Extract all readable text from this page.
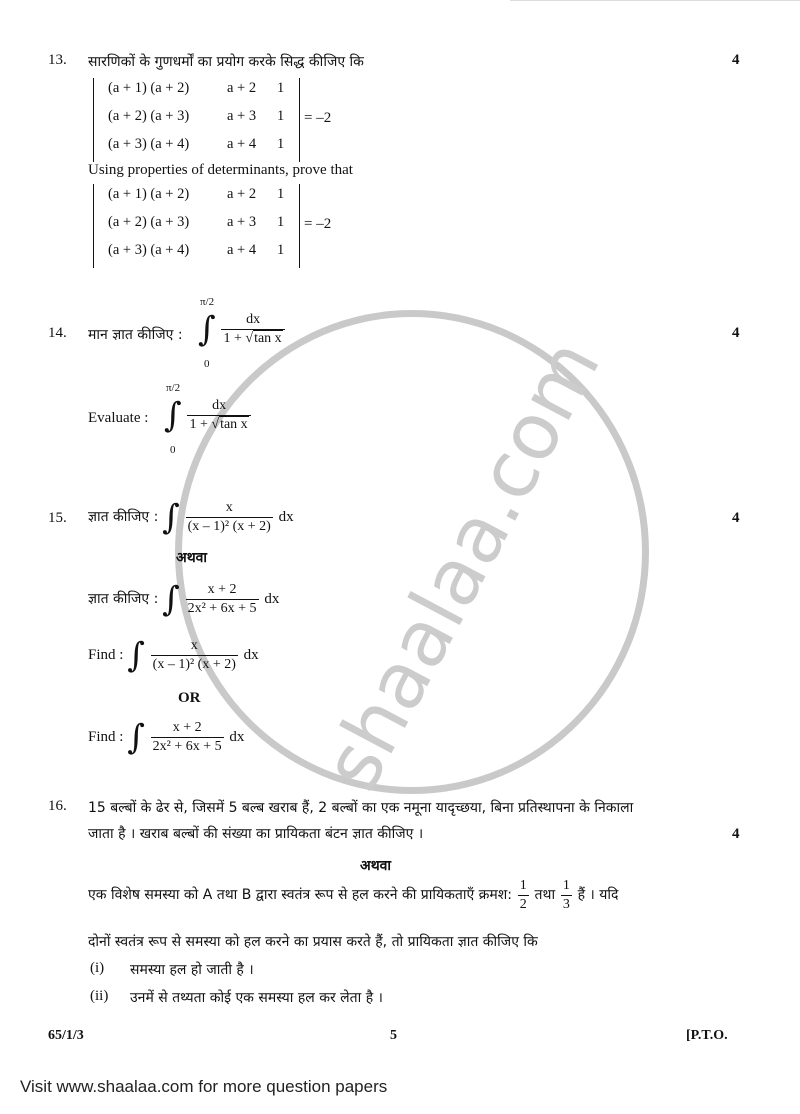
shaalaa.com
13. सारणिकों के गुणधर्मों का प्रयोग करके सिद्ध कीजिए कि	4
(a + 1) (a + 2)	a + 2 1
(a + 2) (a + 3)	a + 3 1
(a + 3) (a + 4)	a + 4 1
= –2
Using properties of determinants, prove that
(a + 1) (a + 2)	a + 2 1
(a + 2) (a + 3)	a + 3 1
(a + 3) (a + 4)	a + 4 1
= –2
14. मान ज्ञात कीजिए :	4
π/2
0
∫ $\frac{dx}{\text{1 + √tan x}}$
Evaluate :
π/2
0
∫ $\frac{dx}{\text{1 + √tan x}}$
15. ज्ञात कीजिए : ∫ $\frac{x}{\text{(x – 1)² (x + 2)}}$ dx	4
अथवा
ज्ञात कीजिए : ∫ $\frac{x + 2}{\text{2x² + 6x + 5}}$ dx
Find : ∫ $\frac{x}{\text{(x – 1)² (x + 2)}}$ dx
OR
Find : ∫ $\frac{x + 2}{\text{2x² + 6x + 5}}$ dx
16. 15 बल्बों के ढेर से, जिसमें 5 बल्ब खराब हैं, 2 बल्बों का एक नमूना यादृच्छया, बिना प्रतिस्थापना के निकाला
जाता है । खराब बल्बों की संख्या का प्रायिकता बंटन ज्ञात कीजिए ।	4
अथवा
एक विशेष समस्या को A तथा B द्वारा स्वतंत्र रूप से हल करने की प्रायिकताएँ क्रमश: $\frac{1}{2}$ तथा $\frac{1}{3}$ हैं । यदि
दोनों स्वतंत्र रूप से समस्या को हल करने का प्रयास करते हैं, तो प्रायिकता ज्ञात कीजिए कि
(i) समस्या हल हो जाती है ।
(ii) उनमें से तथ्यता कोई एक समस्या हल कर लेता है ।
65/1/3	5	[P.T.O.
Visit www.shaalaa.com for more question papers
